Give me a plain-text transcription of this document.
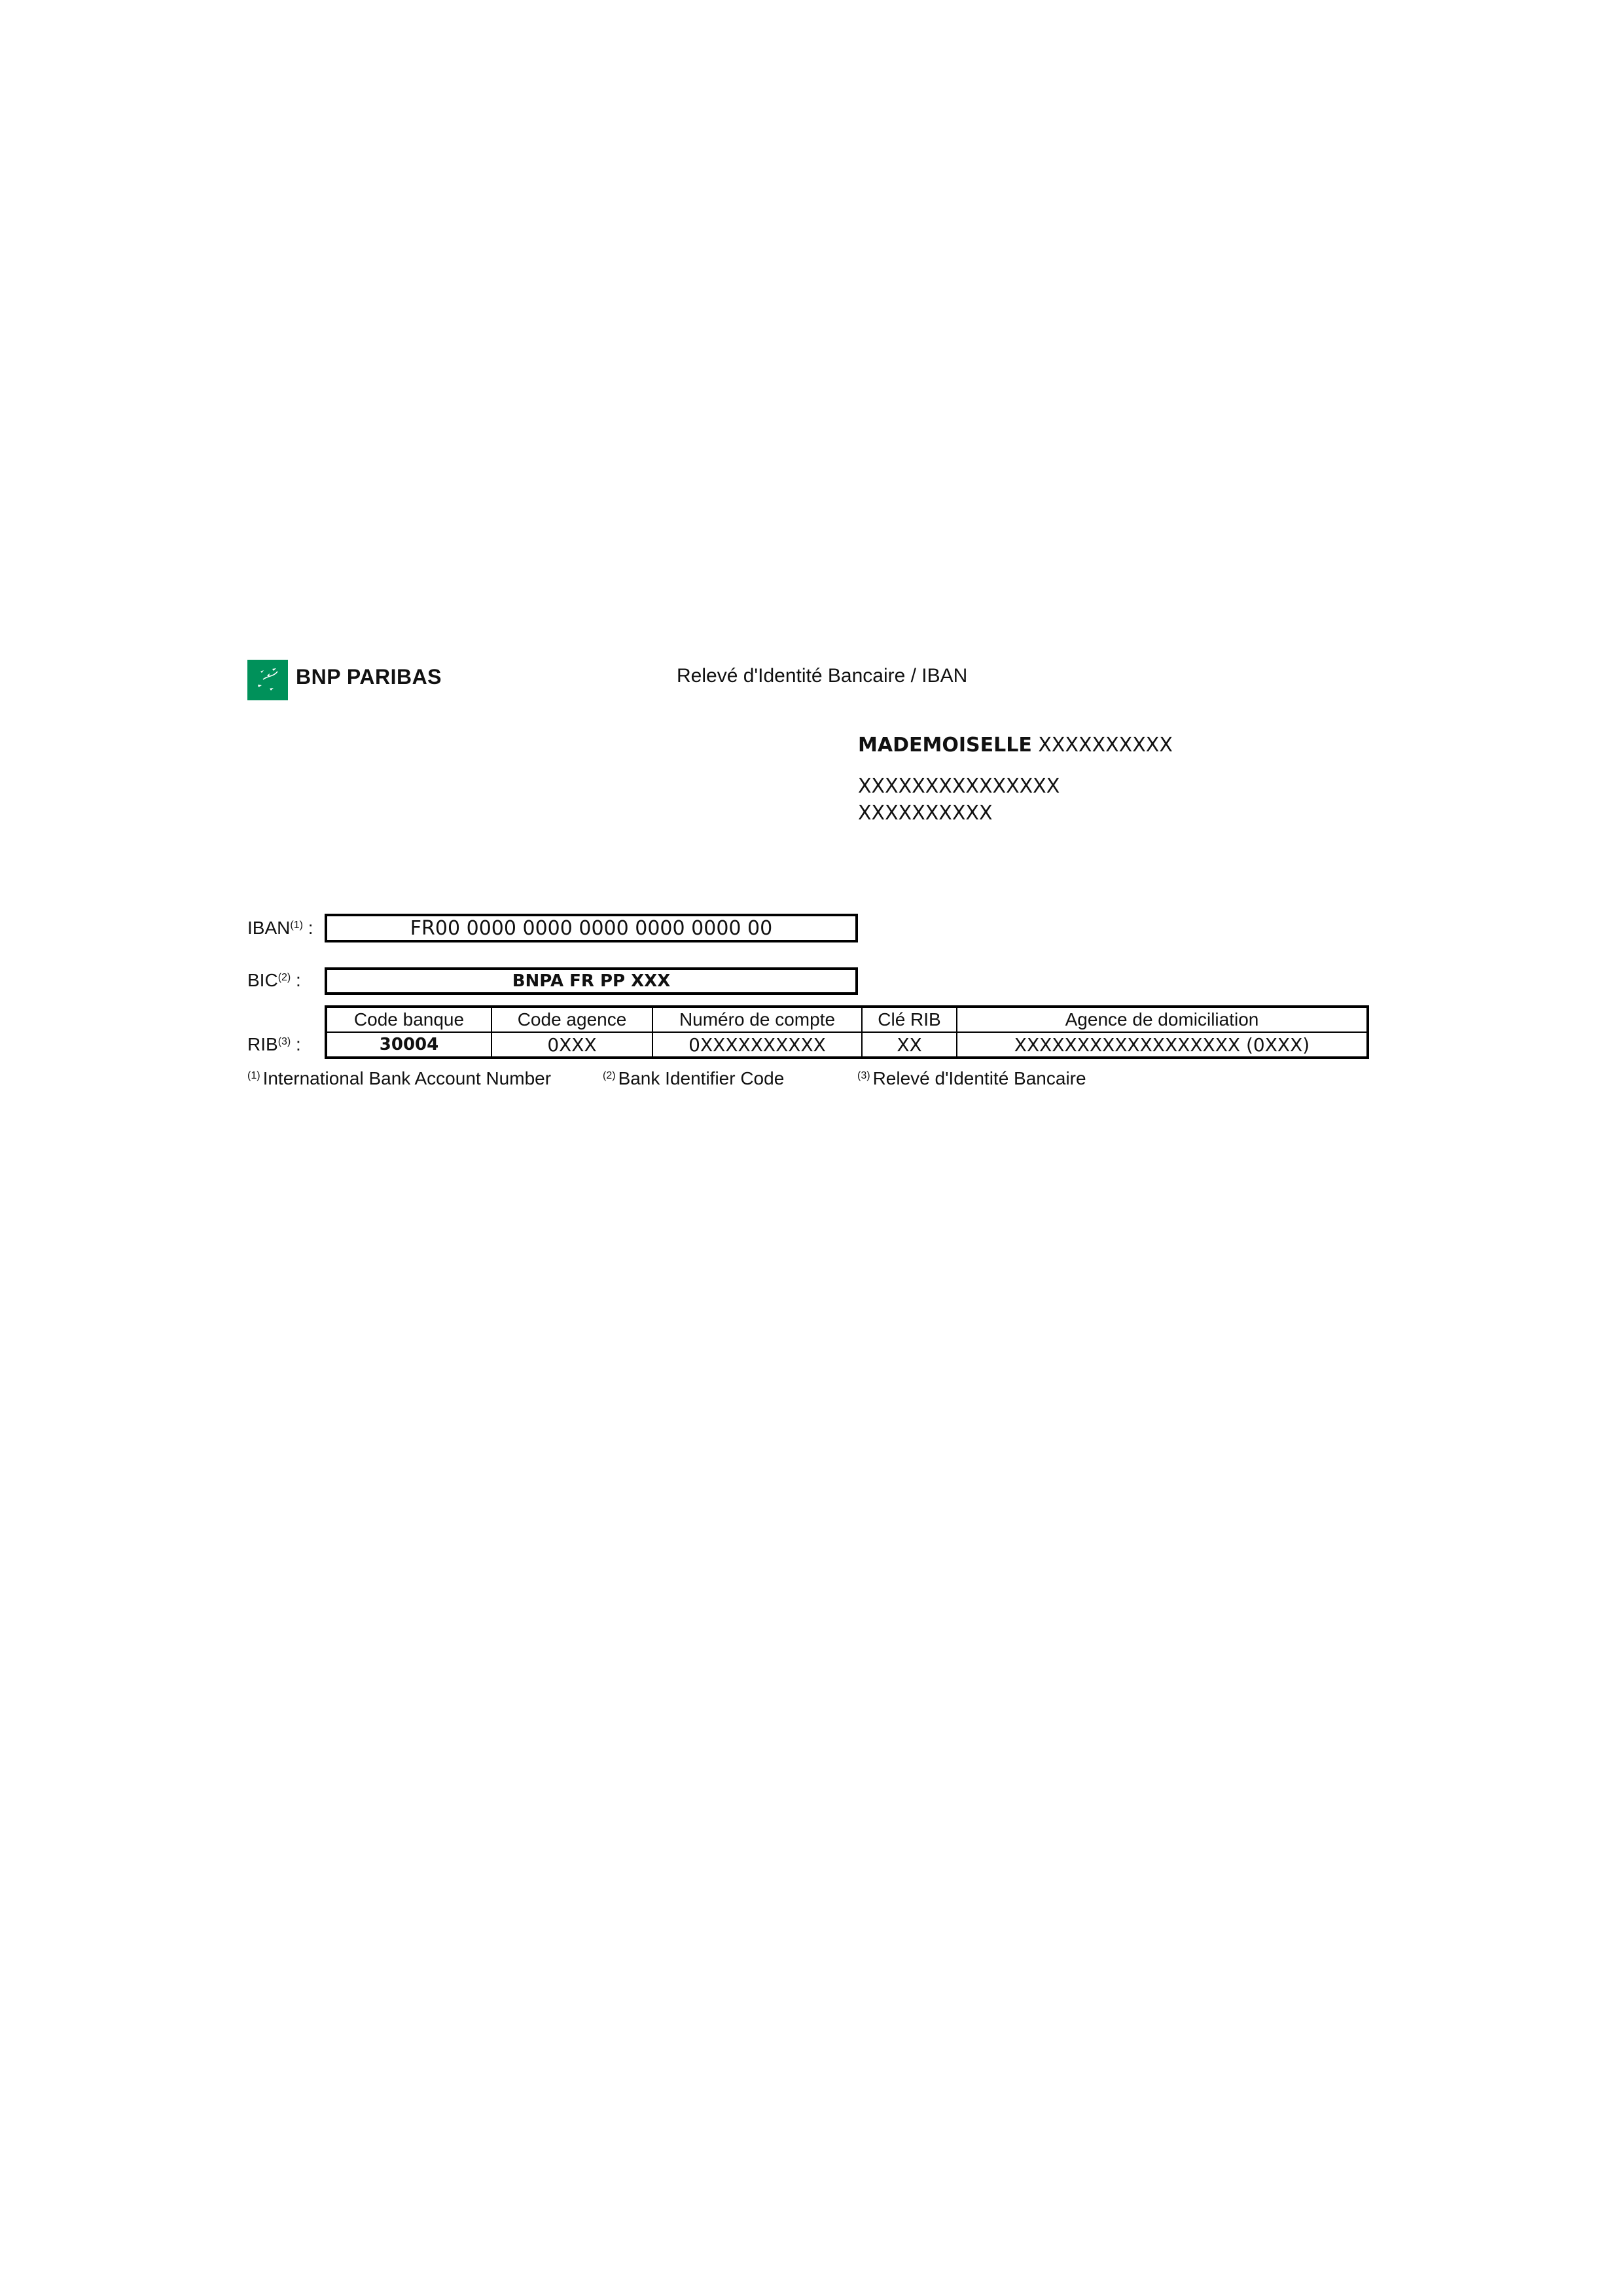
BNP PARIBAS	Relevé d'Identité Bancaire / IBAN
MADEMOISELLE XXXXXXXXXX
XXXXXXXXXXXXXXX
XXXXXXXXXX
IBAN$^{(1)}$ :	FR00 0000 0000 0000 0000 0000 00
BIC$^{(2)}$ :	BNPA FR PP XXX
RIB$^{(3)}$ :
Code banque	Code agence	Numéro de compte	Clé RIB	Agence de domiciliation
30004	0XXX	0XXXXXXXXXX	XX	XXXXXXXXXXXXXXXXXX (0XXX)
$^{(1)}$ International Bank Account Number	$^{(2)}$ Bank Identifier Code	$^{(3)}$ Relevé d'Identité Bancaire
